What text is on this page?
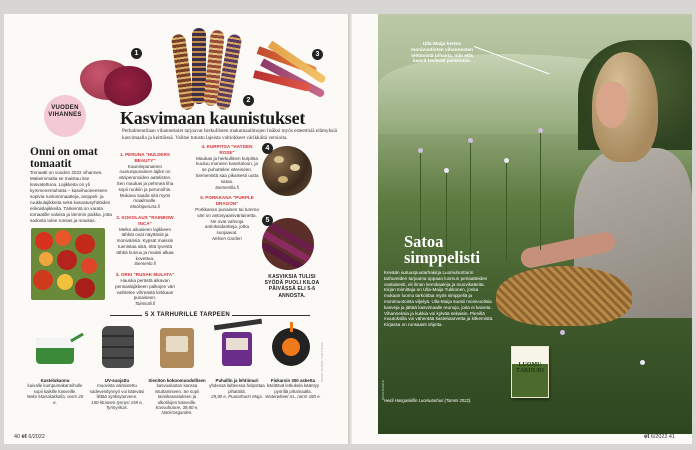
1
2
3
VUODEN
VIHANNES
Onni on omat tomaatit
Tomaatti on vuoden 2022 vihannes. Makeimmalta se maistuu itse kasvatettuna. Lajikkeita on yli kymmenentuhatta – kasvihuoneeseen sopivia runkotomaatteja, amppeli- ja ruukkulajikkeita sekä kasvatusyhtiöiden erikoislajikkeita. Tärkeintä on varata tomaatille valoisa ja lämmin paikka, jotta sadosta tulee runsas ja maukas.
Kasvimaan kaunistukset
Perhalmentilaan vihanneksiet tarjoavat herkullisten makumaailmojen lisäksi myös esteettisiä elämyksiä kasvimaalla ja keittiössä. Valitse tutustu lajeista valtiokkeet värikkäitä versioita.
1. PERUNA "HULDERS BEAUTY"
Kauniinpunainen ruusunpunainen lajike on väriperunoiden aateliston. Sen maukas ja pehmeä liha sopii ruokiin ja perunoihin. Mukava saada sitä myös maailmalle.
Mocktiperuna.fi
2. KOKOLAUS "RAINBOW INCA"
Melko aikaiseen lajikkeen tähkät ovat näyttäviä ja monivärisiä. Kypsät maissin tunnistaa siitä, että tyvestä tähkä kuivuu ja maissi alkaa kovettua.
Siemenlo.fi
3. ORKI "RUSAK MULATA"
Hauska perästä alkavan pensaslajikkeen palkojen väri vaihtelee vihreästä kirkkaan punaiseen.
Taimiväli.fi
4. KURPITSA "HAYDEN ROSE"
Maukas ja herkullinen kurpitsa kuuluu moneen kasvitaloon, ja se puhuttelee väreineen. Siemenistä saa pikaisesti uutta satoa.
Siemenilla.fi
5. PORKKANA "PURPLE DRAGON"
Porkkanan punainen tai tumma väri on antosyaaniväriainetta. Ne ovat vahvoja antioksidantteja, jotka suojaavat.
Nelsen Garden
4
5
KASVIKSIA TULISI SYÖDÄ PUOLI KILOA PÄIVÄSSÄ ELI 5-6 ANNOSTA.
5 X TARHURILLE TARPEEN
Kastelukannu
kuivalle kumpumakanniholle sopii kaikille kasveille.
Neko Maisalakkalla, norm 20 e.
UV-suojattu
muovista valmistettu sadevesitynnyri voi käteväsi liittää syöksytorveen.
150-litrainen tynnyri 159 e, Tynnyrikas.
Sieniton kokoomuodollisen
kasvualustan kanssa istuttamiseen. Se sopii taimikasvatuksen ja ulkotilojen kasveille.
Kasvuhuone, 39,80 e, Näckrosgarden.
Puhallin ja lehtiimuri
yhdessä laitteessa helpottaa pihatöitä.
29,90 e, Puutarhurin Maja.
Fiskarsin 300 asketta
käsittävä letkukela kääntyy pyörillä pihamaalla.
Waterwheel XL, norm 180 e.
KUVAT ISTOCK, TUOTTAJAT
40 et 6/2022
Ulla-Maija kertoo monivuotisten vihannesten tehtävistä pihasta, niin että kasvit leviävät paremmin.
Satoa simppelisti
Kevään uutuuspuutarhakirja Luomuhortturin tarhureiden tarjoama oppaan luomun periaatteiden vastaisesti, eli ilman kemikaaleja ja muovikatteita. Kirjan toimittaja on Ulla-Maija Tukkonen, jonka mukaan luomu tarkoittaa myös simppeliä ja monimuotoista viljelyä. Ulla-Maija suosii monivuotisia kasveja ja jättää kasvimaalle reunoja, joita ei kaiveta. Vihanneksia ja kukkia voi kylvää sekaisin. Pienillä muutoksilla voi vähentää kastelutarvetta ja kitkemistä. Kirjassa on runsaasti ohjeita.
Heidi Hangaskilfin Luomutarhuri (Tammi 2022).
LUOMU TARHURI
KUVA ISTOCK
et 6/2022 41
